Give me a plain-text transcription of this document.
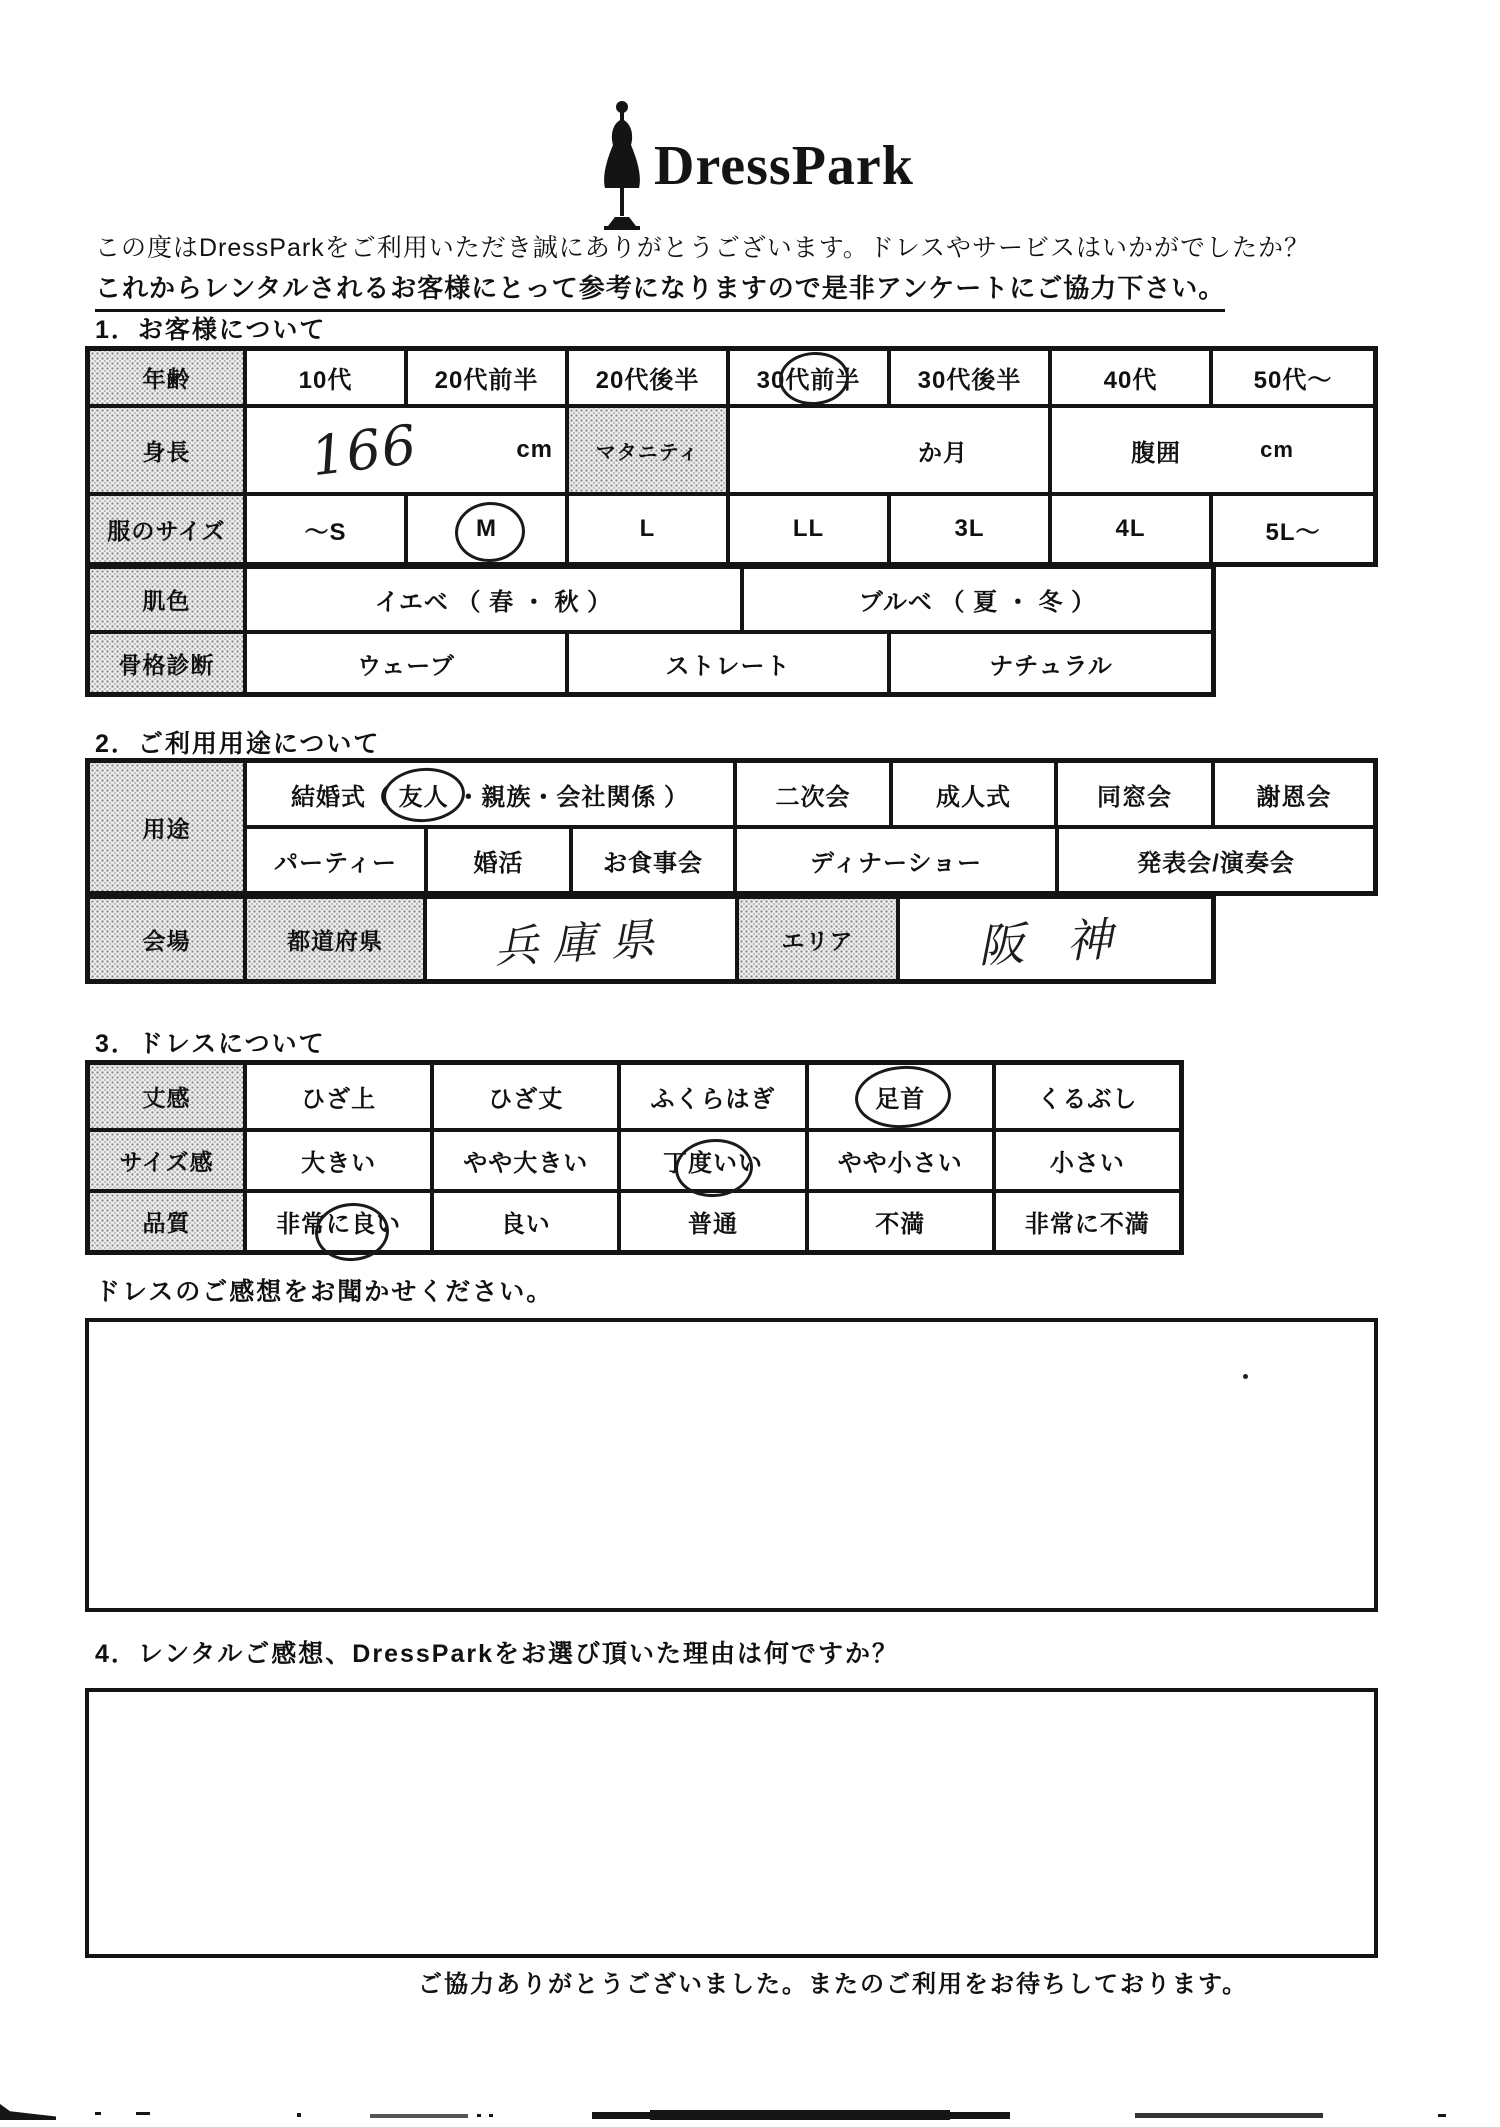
DressPark
この度はDressParkをご利用いただき誠にありがとうございます。ドレスやサービスはいかがでしたか？
これからレンタルされるお客様にとって参考になりますので是非アンケートにご協力下さい。
1．お客様について
年齢	10代	20代前半	20代後半	30代前半	30代後半	40代	50代～
身長	166	cm	マタニティ	か月	腹囲	cm
服のサイズ	～S	M	L	LL	3L	4L	5L～
肌色	イエベ （ 春 ・ 秋 ）	ブルベ （ 夏 ・ 冬 ）
骨格診断	ウェーブ	ストレート	ナチュラル
2．ご利用用途について
用途
結婚式（ 友人 ・親族・会社関係 ）	二次会	成人式	同窓会	謝恩会
パーティー	婚活	お食事会	ディナーショー	発表会/演奏会
会場	都道府県	兵庫県	エリア	阪神
3．ドレスについて
丈感	ひざ上	ひざ丈	ふくらはぎ	足首	くるぶし
サイズ感	大きい	やや大きい	丁度いい	やや小さい	小さい
品質	非常に良い	良い	普通	不満	非常に不満
ドレスのご感想をお聞かせください。
4．レンタルご感想、DressParkをお選び頂いた理由は何ですか？
ご協力ありがとうございました。またのご利用をお待ちしております。
